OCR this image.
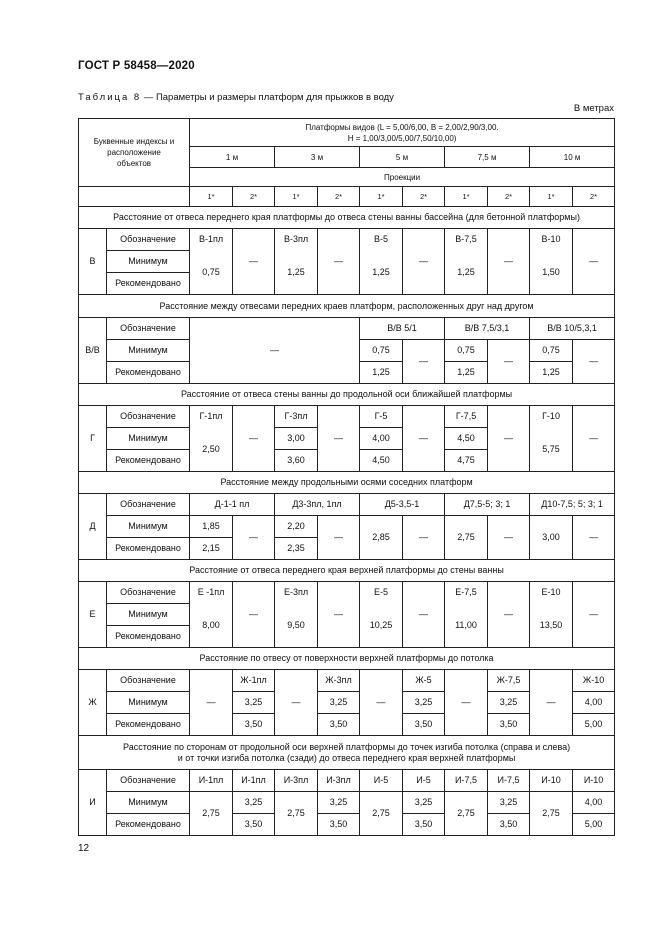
ГОСТ Р 58458—2020
Таблица 8 — Параметры и размеры платформ для прыжков в воду
В метрах
Буквенные индексы и расположение объектов		Платформы видов (L = 5,00/6,00, B = 2,00/2,90/3,00.
H = 1,00/3,00/5,00/7,50/10,00)									
		1 м		3 м		5 м		7,5 м		10 м	
		Проекции									
		1*	2*	1*	2*	1*	2*	1*	2*	1*	2*
Расстояние от отвеса переднего края платформы до отвеса стены ванны бассейна (для бетонной платформы)											
В	Обозначение	В-1пл	—	В-3пл	—	В-5	—	В-7,5	—	В-10	—
	Минимум	0,75		1,25		1,25		1,25		1,50	
	Рекомендовано										
Расстояние между отвесами передних краев платформ, расположенных друг над другом											
В/В	Обозначение	—				В/В 5/1		В/В 7,5/3,1		В/В 10/5,3,1	
	Минимум					0,75	—	0,75	—	0,75	—
	Рекомендовано					1,25		1,25		1,25	
Расстояние от отвеса стены ванны до продольной оси ближайшей платформы											
Г	Обозначение	Г-1пл	—	Г-3пл	—	Г-5	—	Г-7,5	—	Г-10	—
	Минимум	2,50		3,00		4,00		4,50		5,75	
	Рекомендовано			3,60		4,50		4,75			
Расстояние между продольными осями соседних платформ											
Д	Обозначение	Д-1-1 пл		Д3-3пл, 1пл		Д5-3,5-1		Д7,5-5; 3; 1		Д10-7,5; 5; 3; 1	
	Минимум	1,85	—	2,20	—	2,85	—	2,75	—	3,00	—
	Рекомендовано	2,15		2,35							
Расстояние от отвеса переднего края верхней платформы до стены ванны											
Е	Обозначение	Е -1пл	—	Е-3пл	—	Е-5	—	Е-7,5	—	Е-10	—
	Минимум	8,00		9,50		10,25		11,00		13,50	
	Рекомендовано										
Расстояние по отвесу от поверхности верхней платформы до потолка											
Ж	Обозначение	—	Ж-1пл	—	Ж-3пл	—	Ж-5	—	Ж-7,5	—	Ж-10
	Минимум		3,25		3,25		3,25		3,25		4,00
	Рекомендовано		3,50		3,50		3,50		3,50		5,00
Расстояние по сторонам от продольной оси верхней платформы до точек изгиба потолка (справа и слева)
и от точки изгиба потолка (сзади) до отвеса переднего края верхней платформы											
И	Обозначение	И-1пл	И-1пл	И-3пл	И-3пл	И-5	И-5	И-7,5	И-7,5	И-10	И-10
	Минимум	2,75	3,25	2,75	3,25	2,75	3,25	2,75	3,25	2,75	4,00
	Рекомендовано		3,50		3,50		3,50		3,50		5,00
12
